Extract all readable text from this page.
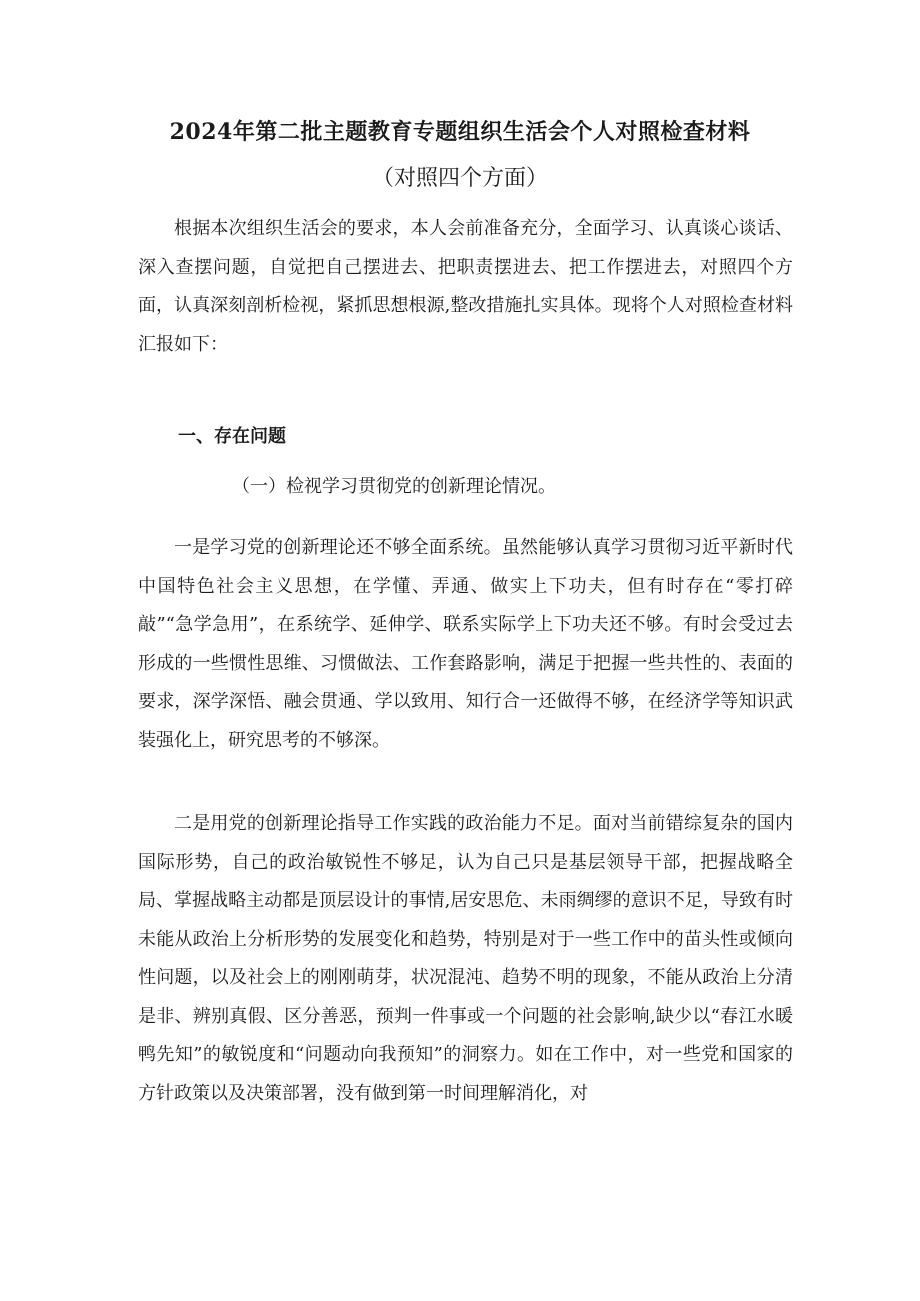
2024年第二批主题教育专题组织生活会个人对照检查材料
（对照四个方面）

根据本次组织生活会的要求，本人会前准备充分，全面学习、认真谈心谈话、深入查摆问题，自觉把自己摆进去、把职责摆进去、把工作摆进去，对照四个方面，认真深刻剖析检视，紧抓思想根源,整改措施扎实具体。现将个人对照检查材料汇报如下：

一、存在问题
（一）检视学习贯彻党的创新理论情况。

一是学习党的创新理论还不够全面系统。虽然能够认真学习贯彻习近平新时代中国特色社会主义思想，在学懂、弄通、做实上下功夫，但有时存在“零打碎敲”“急学急用”，在系统学、延伸学、联系实际学上下功夫还不够。有时会受过去形成的一些惯性思维、习惯做法、工作套路影响，满足于把握一些共性的、表面的要求，深学深悟、融会贯通、学以致用、知行合一还做得不够，在经济学等知识武装强化上，研究思考的不够深。

二是用党的创新理论指导工作实践的政治能力不足。面对当前错综复杂的国内国际形势，自己的政治敏锐性不够足，认为自己只是基层领导干部，把握战略全局、掌握战略主动都是顶层设计的事情,居安思危、未雨绸缪的意识不足，导致有时未能从政治上分析形势的发展变化和趋势，特别是对于一些工作中的苗头性或倾向性问题，以及社会上的刚刚萌芽，状况混沌、趋势不明的现象，不能从政治上分清是非、辨别真假、区分善恶，预判一件事或一个问题的社会影响,缺少以“春江水暖鸭先知”的敏锐度和“问题动向我预知”的洞察力。如在工作中，对一些党和国家的方针政策以及决策部署，没有做到第一时间理解消化，对
